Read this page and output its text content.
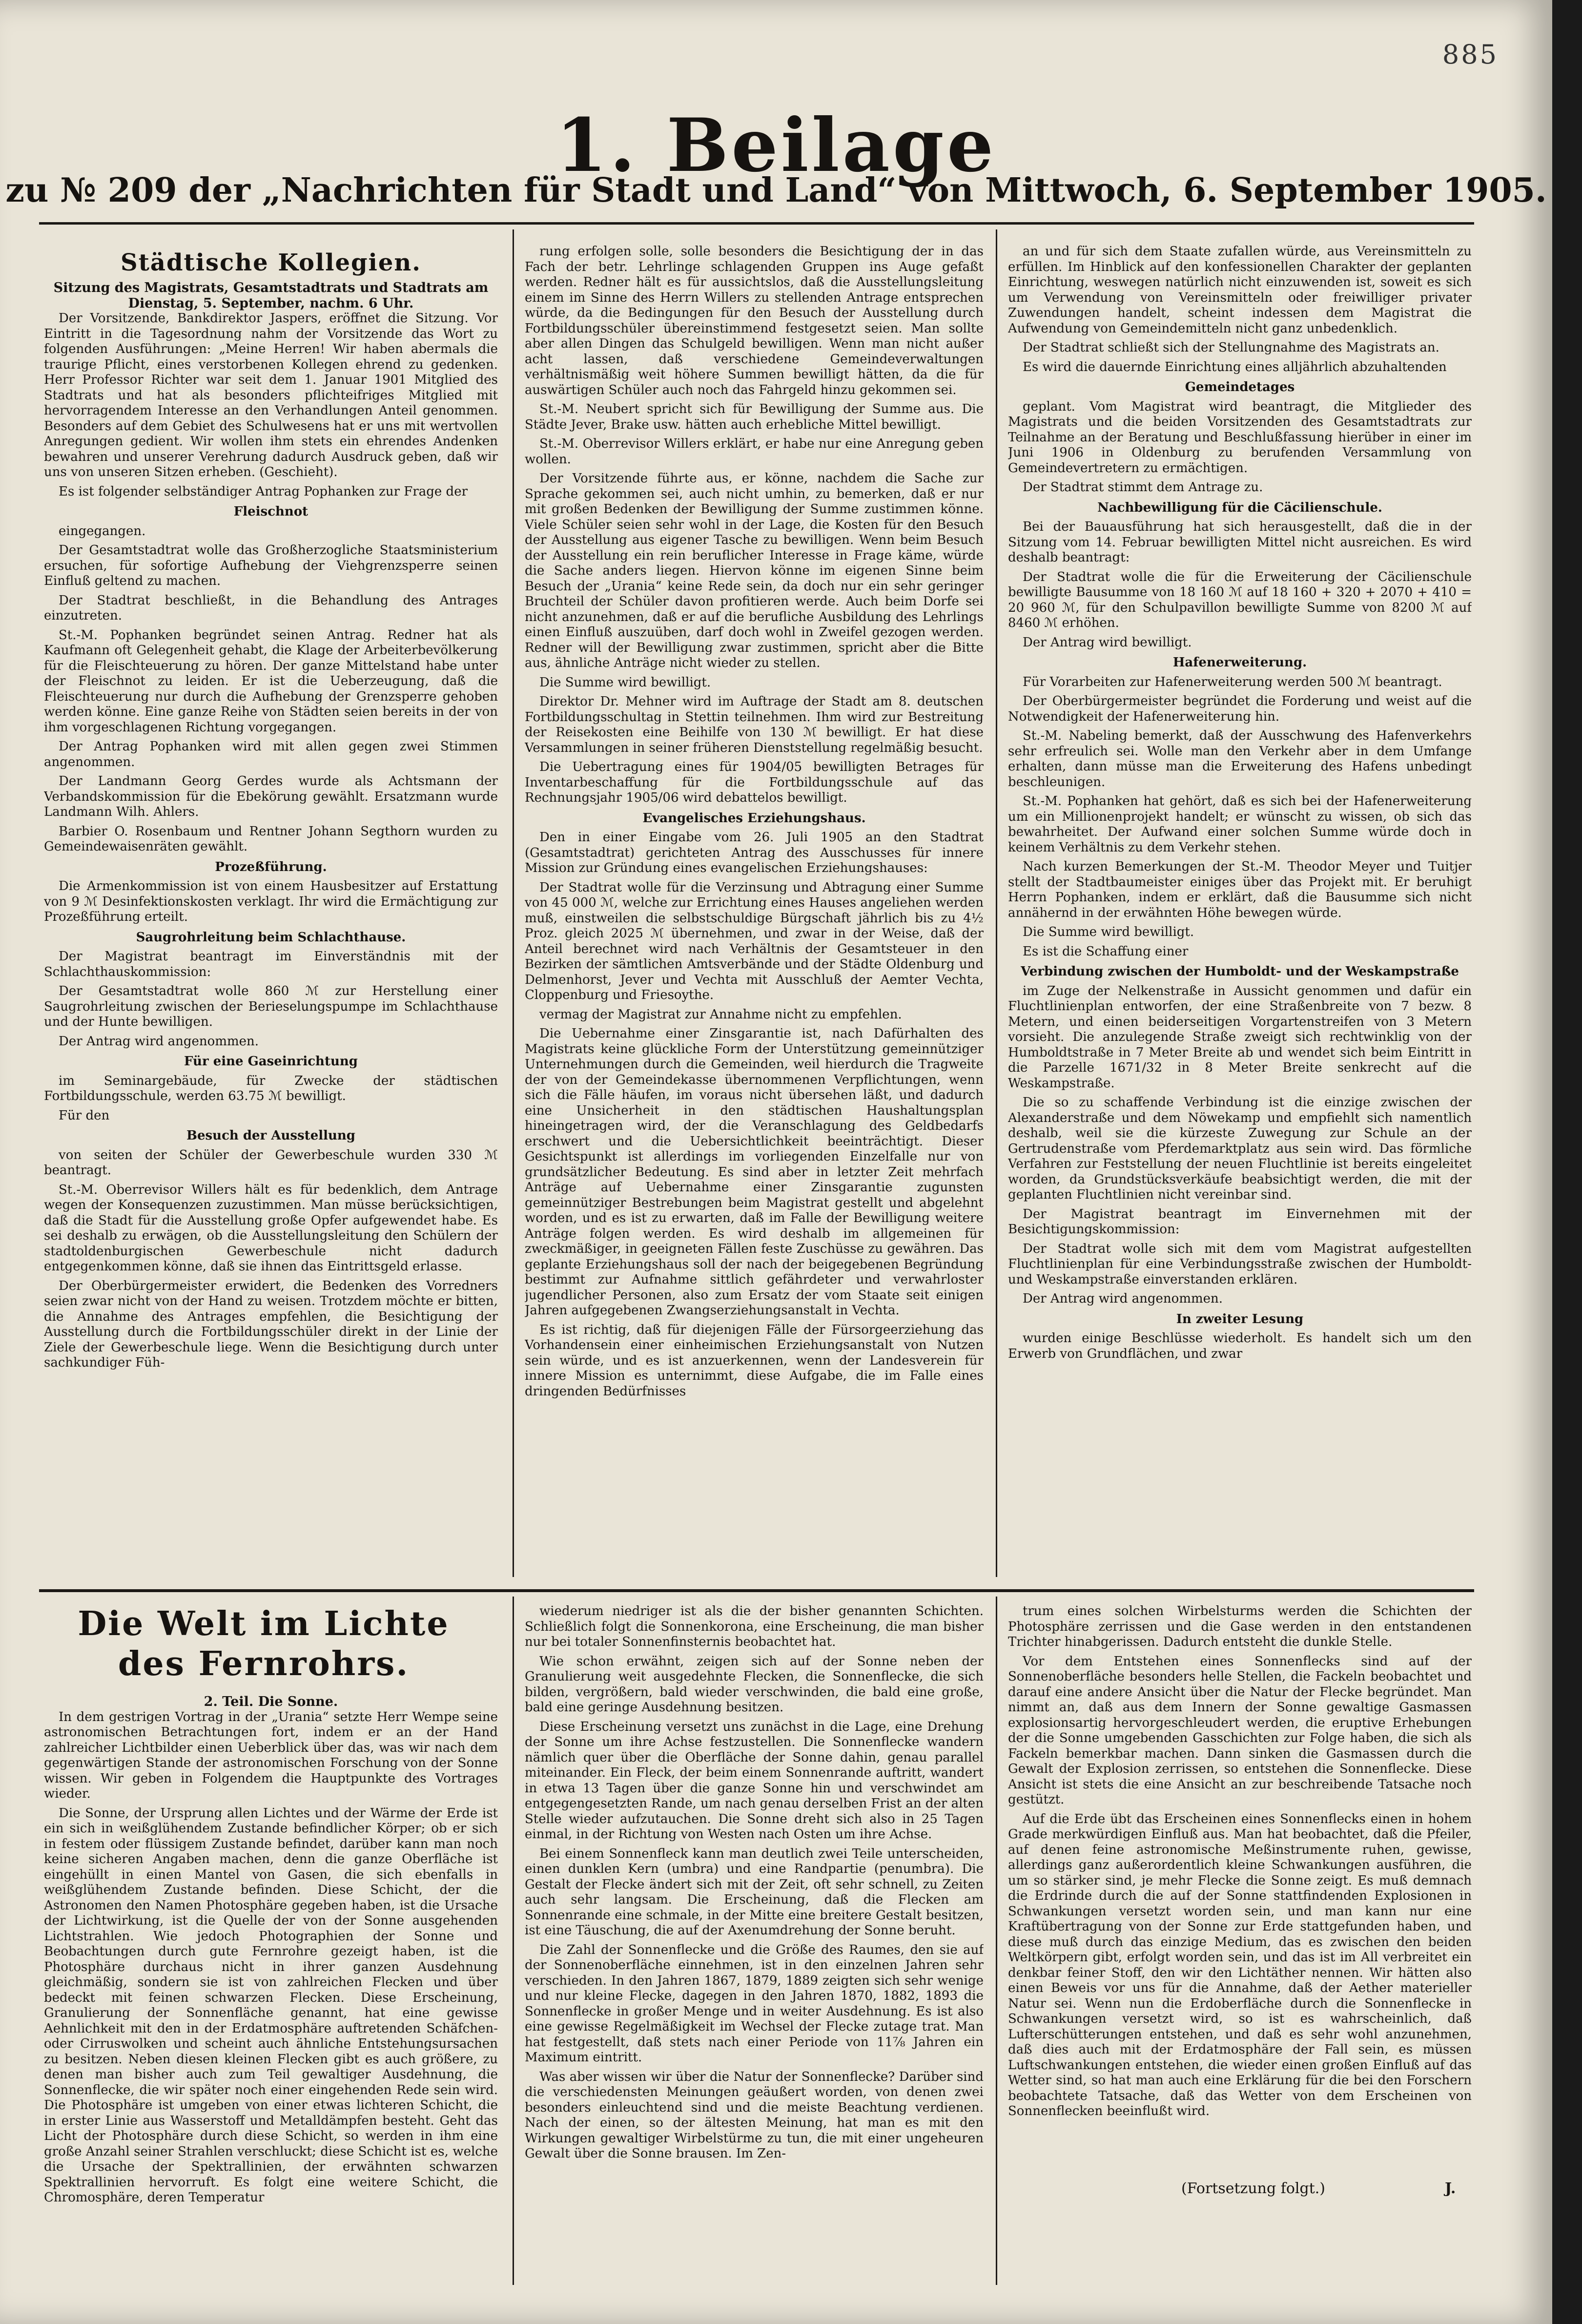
885
1. Beilage
zu № 209 der „Nachrichten für Stadt und Land“ von Mittwoch, 6. September 1905.
Städtische Kollegien.
Sitzung des Magistrats, Gesamtstadtrats und Stadtrats am Dienstag, 5. September, nachm. 6 Uhr.

Der Vorsitzende, Bankdirektor Jaspers, eröffnet die Sitzung. Vor Eintritt in die Tagesordnung nahm der Vorsitzende das Wort zu folgenden Ausführungen: „Meine Herren! Wir haben abermals die traurige Pflicht, eines verstorbenen Kollegen ehrend zu gedenken. Herr Professor Richter war seit dem 1. Januar 1901 Mitglied des Stadtrats und hat als besonders pflichteifriges Mitglied mit hervorragendem Interesse an den Verhandlungen Anteil genommen. Besonders auf dem Gebiet des Schulwesens hat er uns mit wertvollen Anregungen gedient. Wir wollen ihm stets ein ehrendes Andenken bewahren und unserer Verehrung dadurch Ausdruck geben, daß wir uns von unseren Sitzen erheben. (Geschieht).

Es ist folgender selbständiger Antrag Pophanken zur Frage der

Fleischnot

eingegangen.

Der Gesamtstadtrat wolle das Großherzogliche Staatsministerium ersuchen, für sofortige Aufhebung der Viehgrenzsperre seinen Einfluß geltend zu machen.

Der Stadtrat beschließt, in die Behandlung des Antrages einzutreten.

St.-M. Pophanken begründet seinen Antrag. Redner hat als Kaufmann oft Gelegenheit gehabt, die Klage der Arbeiterbevölkerung für die Fleischteuerung zu hören. Der ganze Mittelstand habe unter der Fleischnot zu leiden. Er ist die Ueberzeugung, daß die Fleischteuerung nur durch die Aufhebung der Grenzsperre gehoben werden könne. Eine ganze Reihe von Städten seien bereits in der von ihm vorgeschlagenen Richtung vorgegangen.

Der Antrag Pophanken wird mit allen gegen zwei Stimmen angenommen.

Der Landmann Georg Gerdes wurde als Achtsmann der Verbandskommission für die Ebekörung gewählt. Ersatzmann wurde Landmann Wilh. Ahlers.

Barbier O. Rosenbaum und Rentner Johann Segthorn wurden zu Gemeindewaisenräten gewählt.

Prozeßführung.

Die Armenkommission ist von einem Hausbesitzer auf Erstattung von 9 ℳ Desinfektionskosten verklagt. Ihr wird die Ermächtigung zur Prozeßführung erteilt.

Saugrohrleitung beim Schlachthause.

Der Magistrat beantragt im Einverständnis mit der Schlachthauskommission:

Der Gesamtstadtrat wolle 860 ℳ zur Herstellung einer Saugrohrleitung zwischen der Berieselungspumpe im Schlachthause und der Hunte bewilligen.

Der Antrag wird angenommen.

Für eine Gaseinrichtung

im Seminargebäude, für Zwecke der städtischen Fortbildungsschule, werden 63.75 ℳ bewilligt.

Für den

Besuch der Ausstellung

von seiten der Schüler der Gewerbeschule wurden 330 ℳ beantragt.

St.-M. Oberrevisor Willers hält es für bedenklich, dem Antrage wegen der Konsequenzen zuzustimmen. Man müsse berücksichtigen, daß die Stadt für die Ausstellung große Opfer aufgewendet habe. Es sei deshalb zu erwägen, ob die Ausstellungsleitung den Schülern der stadtoldenburgischen Gewerbeschule nicht dadurch entgegenkommen könne, daß sie ihnen das Eintrittsgeld erlasse.

Der Oberbürgermeister erwidert, die Bedenken des Vorredners seien zwar nicht von der Hand zu weisen. Trotzdem möchte er bitten, die Annahme des Antrages empfehlen, die Besichtigung der Ausstellung durch die Fortbildungsschüler direkt in der Linie der Ziele der Gewerbeschule liege. Wenn die Besichtigung durch unter sachkundiger Füh-

rung erfolgen solle, solle besonders die Besichtigung der in das Fach der betr. Lehrlinge schlagenden Gruppen ins Auge gefaßt werden. Redner hält es für aussichtslos, daß die Ausstellungsleitung einem im Sinne des Herrn Willers zu stellenden Antrage entsprechen würde, da die Bedingungen für den Besuch der Ausstellung durch Fortbildungsschüler übereinstimmend festgesetzt seien. Man sollte aber allen Dingen das Schulgeld bewilligen. Wenn man nicht außer acht lassen, daß verschiedene Gemeindeverwaltungen verhältnismäßig weit höhere Summen bewilligt hätten, da die für auswärtigen Schüler auch noch das Fahrgeld hinzu gekommen sei.

St.-M. Neubert spricht sich für Bewilligung der Summe aus. Die Städte Jever, Brake usw. hätten auch erhebliche Mittel bewilligt.

St.-M. Oberrevisor Willers erklärt, er habe nur eine Anregung geben wollen.

Der Vorsitzende führte aus, er könne, nachdem die Sache zur Sprache gekommen sei, auch nicht umhin, zu bemerken, daß er nur mit großen Bedenken der Bewilligung der Summe zustimmen könne. Viele Schüler seien sehr wohl in der Lage, die Kosten für den Besuch der Ausstellung aus eigener Tasche zu bewilligen. Wenn beim Besuch der Ausstellung ein rein beruflicher Interesse in Frage käme, würde die Sache anders liegen. Hiervon könne im eigenen Sinne beim Besuch der „Urania“ keine Rede sein, da doch nur ein sehr geringer Bruchteil der Schüler davon profitieren werde. Auch beim Dorfe sei nicht anzunehmen, daß er auf die berufliche Ausbildung des Lehrlings einen Einfluß auszuüben, darf doch wohl in Zweifel gezogen werden. Redner will der Bewilligung zwar zustimmen, spricht aber die Bitte aus, ähnliche Anträge nicht wieder zu stellen.

Die Summe wird bewilligt.

Direktor Dr. Mehner wird im Auftrage der Stadt am 8. deutschen Fortbildungsschultag in Stettin teilnehmen. Ihm wird zur Bestreitung der Reisekosten eine Beihilfe von 130 ℳ bewilligt. Er hat diese Versammlungen in seiner früheren Dienststellung regelmäßig besucht.

Die Uebertragung eines für 1904/05 bewilligten Betrages für Inventarbeschaffung für die Fortbildungsschule auf das Rechnungsjahr 1905/06 wird debattelos bewilligt.

Evangelisches Erziehungshaus.

Den in einer Eingabe vom 26. Juli 1905 an den Stadtrat (Gesamtstadtrat) gerichteten Antrag des Ausschusses für innere Mission zur Gründung eines evangelischen Erziehungshauses:

Der Stadtrat wolle für die Verzinsung und Abtragung einer Summe von 45 000 ℳ, welche zur Errichtung eines Hauses angeliehen werden muß, einstweilen die selbstschuldige Bürgschaft jährlich bis zu 4½ Proz. gleich 2025 ℳ übernehmen, und zwar in der Weise, daß der Anteil berechnet wird nach Verhältnis der Gesamtsteuer in den Bezirken der sämtlichen Amtsverbände und der Städte Oldenburg und Delmenhorst, Jever und Vechta mit Ausschluß der Aemter Vechta, Cloppenburg und Friesoythe.

vermag der Magistrat zur Annahme nicht zu empfehlen.

Die Uebernahme einer Zinsgarantie ist, nach Dafürhalten des Magistrats keine glückliche Form der Unterstützung gemeinnütziger Unternehmungen durch die Gemeinden, weil hierdurch die Tragweite der von der Gemeindekasse übernommenen Verpflichtungen, wenn sich die Fälle häufen, im voraus nicht übersehen läßt, und dadurch eine Unsicherheit in den städtischen Haushaltungsplan hineingetragen wird, der die Veranschlagung des Geldbedarfs erschwert und die Uebersichtlichkeit beeinträchtigt. Dieser Gesichtspunkt ist allerdings im vorliegenden Einzelfalle nur von grundsätzlicher Bedeutung. Es sind aber in letzter Zeit mehrfach Anträge auf Uebernahme einer Zinsgarantie zugunsten gemeinnütziger Bestrebungen beim Magistrat gestellt und abgelehnt worden, und es ist zu erwarten, daß im Falle der Bewilligung weitere Anträge folgen werden. Es wird deshalb im allgemeinen für zweckmäßiger, in geeigneten Fällen feste Zuschüsse zu gewähren. Das geplante Erziehungshaus soll der nach der beigegebenen Begründung bestimmt zur Aufnahme sittlich gefährdeter und verwahrloster jugendlicher Personen, also zum Ersatz der vom Staate seit einigen Jahren aufgegebenen Zwangserziehungsanstalt in Vechta.

Es ist richtig, daß für diejenigen Fälle der Fürsorgeerziehung das Vorhandensein einer einheimischen Erziehungsanstalt von Nutzen sein würde, und es ist anzuerkennen, wenn der Landesverein für innere Mission es unternimmt, diese Aufgabe, die im Falle eines dringenden Bedürfnisses

an und für sich dem Staate zufallen würde, aus Vereinsmitteln zu erfüllen. Im Hinblick auf den konfessionellen Charakter der geplanten Einrichtung, weswegen natürlich nicht einzuwenden ist, soweit es sich um Verwendung von Vereinsmitteln oder freiwilliger privater Zuwendungen handelt, scheint indessen dem Magistrat die Aufwendung von Gemeindemitteln nicht ganz unbedenklich.

Der Stadtrat schließt sich der Stellungnahme des Magistrats an.

Es wird die dauernde Einrichtung eines alljährlich abzuhaltenden

Gemeindetages

geplant. Vom Magistrat wird beantragt, die Mitglieder des Magistrats und die beiden Vorsitzenden des Gesamtstadtrats zur Teilnahme an der Beratung und Beschlußfassung hierüber in einer im Juni 1906 in Oldenburg zu berufenden Versammlung von Gemeindevertretern zu ermächtigen.

Der Stadtrat stimmt dem Antrage zu.

Nachbewilligung für die Cäcilienschule.

Bei der Bauausführung hat sich herausgestellt, daß die in der Sitzung vom 14. Februar bewilligten Mittel nicht ausreichen. Es wird deshalb beantragt:

Der Stadtrat wolle die für die Erweiterung der Cäcilienschule bewilligte Bausumme von 18 160 ℳ auf 18 160 + 320 + 2070 + 410 = 20 960 ℳ, für den Schulpavillon bewilligte Summe von 8200 ℳ auf 8460 ℳ erhöhen.

Der Antrag wird bewilligt.

Hafenerweiterung.

Für Vorarbeiten zur Hafenerweiterung werden 500 ℳ beantragt.

Der Oberbürgermeister begründet die Forderung und weist auf die Notwendigkeit der Hafenerweiterung hin.

St.-M. Nabeling bemerkt, daß der Ausschwung des Hafenverkehrs sehr erfreulich sei. Wolle man den Verkehr aber in dem Umfange erhalten, dann müsse man die Erweiterung des Hafens unbedingt beschleunigen.

St.-M. Pophanken hat gehört, daß es sich bei der Hafenerweiterung um ein Millionenprojekt handelt; er wünscht zu wissen, ob sich das bewahrheitet. Der Aufwand einer solchen Summe würde doch in keinem Verhältnis zu dem Verkehr stehen.

Nach kurzen Bemerkungen der St.-M. Theodor Meyer und Tuitjer stellt der Stadtbaumeister einiges über das Projekt mit. Er beruhigt Herrn Pophanken, indem er erklärt, daß die Bausumme sich nicht annähernd in der erwähnten Höhe bewegen würde.

Die Summe wird bewilligt.

Es ist die Schaffung einer

Verbindung zwischen der Humboldt- und der Weskampstraße

im Zuge der Nelkenstraße in Aussicht genommen und dafür ein Fluchtlinienplan entworfen, der eine Straßenbreite von 7 bezw. 8 Metern, und einen beiderseitigen Vorgartenstreifen von 3 Metern vorsieht. Die anzulegende Straße zweigt sich rechtwinklig von der Humboldtstraße in 7 Meter Breite ab und wendet sich beim Eintritt in die Parzelle 1671/32 in 8 Meter Breite senkrecht auf die Weskampstraße.

Die so zu schaffende Verbindung ist die einzige zwischen der Alexanderstraße und dem Nöwekamp und empfiehlt sich namentlich deshalb, weil sie die kürzeste Zuwegung zur Schule an der Gertrudenstraße vom Pferdemarktplatz aus sein wird. Das förmliche Verfahren zur Feststellung der neuen Fluchtlinie ist bereits eingeleitet worden, da Grundstücksverkäufe beabsichtigt werden, die mit der geplanten Fluchtlinien nicht vereinbar sind.

Der Magistrat beantragt im Einvernehmen mit der Besichtigungskommission:

Der Stadtrat wolle sich mit dem vom Magistrat aufgestellten Fluchtlinienplan für eine Verbindungsstraße zwischen der Humboldt- und Weskampstraße einverstanden erklären.

Der Antrag wird angenommen.

In zweiter Lesung

wurden einige Beschlüsse wiederholt. Es handelt sich um den Erwerb von Grundflächen, und zwar

Die Welt im Lichte des Fernrohrs.
2. Teil. Die Sonne.

In dem gestrigen Vortrag in der „Urania“ setzte Herr Wempe seine astronomischen Betrachtungen fort, indem er an der Hand zahlreicher Lichtbilder einen Ueberblick über das, was wir nach dem gegenwärtigen Stande der astronomischen Forschung von der Sonne wissen. Wir geben in Folgendem die Hauptpunkte des Vortrages wieder.

Die Sonne, der Ursprung allen Lichtes und der Wärme der Erde ist ein sich in weißglühendem Zustande befindlicher Körper; ob er sich in festem oder flüssigem Zustande befindet, darüber kann man noch keine sicheren Angaben machen, denn die ganze Oberfläche ist eingehüllt in einen Mantel von Gasen, die sich ebenfalls in weißglühendem Zustande befinden. Diese Schicht, der die Astronomen den Namen Photosphäre gegeben haben, ist die Ursache der Lichtwirkung, ist die Quelle der von der Sonne ausgehenden Lichtstrahlen. Wie jedoch Photographien der Sonne und Beobachtungen durch gute Fernrohre gezeigt haben, ist die Photosphäre durchaus nicht in ihrer ganzen Ausdehnung gleichmäßig, sondern sie ist von zahlreichen Flecken und über bedeckt mit feinen schwarzen Flecken. Diese Erscheinung, Granulierung der Sonnenfläche genannt, hat eine gewisse Aehnlichkeit mit den in der Erdatmosphäre auftretenden Schäfchen- oder Cirruswolken und scheint auch ähnliche Entstehungsursachen zu besitzen. Neben diesen kleinen Flecken gibt es auch größere, zu denen man bisher auch zum Teil gewaltiger Ausdehnung, die Sonnenflecke, die wir später noch einer eingehenden Rede sein wird. Die Photosphäre ist umgeben von einer etwas lichteren Schicht, die in erster Linie aus Wasserstoff und Metalldämpfen besteht. Geht das Licht der Photosphäre durch diese Schicht, so werden in ihm eine große Anzahl seiner Strahlen verschluckt; diese Schicht ist es, welche die Ursache der Spektrallinien, der erwähnten schwarzen Spektrallinien hervorruft. Es folgt eine weitere Schicht, die Chromosphäre, deren Temperatur

wiederum niedriger ist als die der bisher genannten Schichten. Schließlich folgt die Sonnenkorona, eine Erscheinung, die man bisher nur bei totaler Sonnenfinsternis beobachtet hat.

Wie schon erwähnt, zeigen sich auf der Sonne neben der Granulierung weit ausgedehnte Flecken, die Sonnenflecke, die sich bilden, vergrößern, bald wieder verschwinden, die bald eine große, bald eine geringe Ausdehnung besitzen.

Diese Erscheinung versetzt uns zunächst in die Lage, eine Drehung der Sonne um ihre Achse festzustellen. Die Sonnenflecke wandern nämlich quer über die Oberfläche der Sonne dahin, genau parallel miteinander. Ein Fleck, der beim einem Sonnenrande auftritt, wandert in etwa 13 Tagen über die ganze Sonne hin und verschwindet am entgegengesetzten Rande, um nach genau derselben Frist an der alten Stelle wieder aufzutauchen. Die Sonne dreht sich also in 25 Tagen einmal, in der Richtung von Westen nach Osten um ihre Achse.

Bei einem Sonnenfleck kann man deutlich zwei Teile unterscheiden, einen dunklen Kern (umbra) und eine Randpartie (penumbra). Die Gestalt der Flecke ändert sich mit der Zeit, oft sehr schnell, zu Zeiten auch sehr langsam. Die Erscheinung, daß die Flecken am Sonnenrande eine schmale, in der Mitte eine breitere Gestalt besitzen, ist eine Täuschung, die auf der Axenumdrehung der Sonne beruht.

Die Zahl der Sonnenflecke und die Größe des Raumes, den sie auf der Sonnenoberfläche einnehmen, ist in den einzelnen Jahren sehr verschieden. In den Jahren 1867, 1879, 1889 zeigten sich sehr wenige und nur kleine Flecke, dagegen in den Jahren 1870, 1882, 1893 die Sonnenflecke in großer Menge und in weiter Ausdehnung. Es ist also eine gewisse Regelmäßigkeit im Wechsel der Flecke zutage trat. Man hat festgestellt, daß stets nach einer Periode von 11⅞ Jahren ein Maximum eintritt.

Was aber wissen wir über die Natur der Sonnenflecke? Darüber sind die verschiedensten Meinungen geäußert worden, von denen zwei besonders einleuchtend sind und die meiste Beachtung verdienen. Nach der einen, so der ältesten Meinung, hat man es mit den Wirkungen gewaltiger Wirbelstürme zu tun, die mit einer ungeheuren Gewalt über die Sonne brausen. Im Zen-

trum eines solchen Wirbelsturms werden die Schichten der Photosphäre zerrissen und die Gase werden in den entstandenen Trichter hinabgerissen. Dadurch entsteht die dunkle Stelle.

Vor dem Entstehen eines Sonnenflecks sind auf der Sonnenoberfläche besonders helle Stellen, die Fackeln beobachtet und darauf eine andere Ansicht über die Natur der Flecke begründet. Man nimmt an, daß aus dem Innern der Sonne gewaltige Gasmassen explosionsartig hervorgeschleudert werden, die eruptive Erhebungen der die Sonne umgebenden Gasschichten zur Folge haben, die sich als Fackeln bemerkbar machen. Dann sinken die Gasmassen durch die Gewalt der Explosion zerrissen, so entstehen die Sonnenflecke. Diese Ansicht ist stets die eine Ansicht an zur beschreibende Tatsache noch gestützt.

Auf die Erde übt das Erscheinen eines Sonnenflecks einen in hohem Grade merkwürdigen Einfluß aus. Man hat beobachtet, daß die Pfeiler, auf denen feine astronomische Meßinstrumente ruhen, gewisse, allerdings ganz außerordentlich kleine Schwankungen ausführen, die um so stärker sind, je mehr Flecke die Sonne zeigt. Es muß demnach die Erdrinde durch die auf der Sonne stattfindenden Explosionen in Schwankungen versetzt worden sein, und man kann nur eine Kraftübertragung von der Sonne zur Erde stattgefunden haben, und diese muß durch das einzige Medium, das es zwischen den beiden Weltkörpern gibt, erfolgt worden sein, und das ist im All verbreitet ein denkbar feiner Stoff, den wir den Lichtäther nennen. Wir hätten also einen Beweis vor uns für die Annahme, daß der Aether materieller Natur sei. Wenn nun die Erdoberfläche durch die Sonnenflecke in Schwankungen versetzt wird, so ist es wahrscheinlich, daß Lufterschütterungen entstehen, und daß es sehr wohl anzunehmen, daß dies auch mit der Erdatmosphäre der Fall sein, es müssen Luftschwankungen entstehen, die wieder einen großen Einfluß auf das Wetter sind, so hat man auch eine Erklärung für die bei den Forschern beobachtete Tatsache, daß das Wetter von dem Erscheinen von Sonnenflecken beeinflußt wird.

(Fortsetzung folgt.)	J.
